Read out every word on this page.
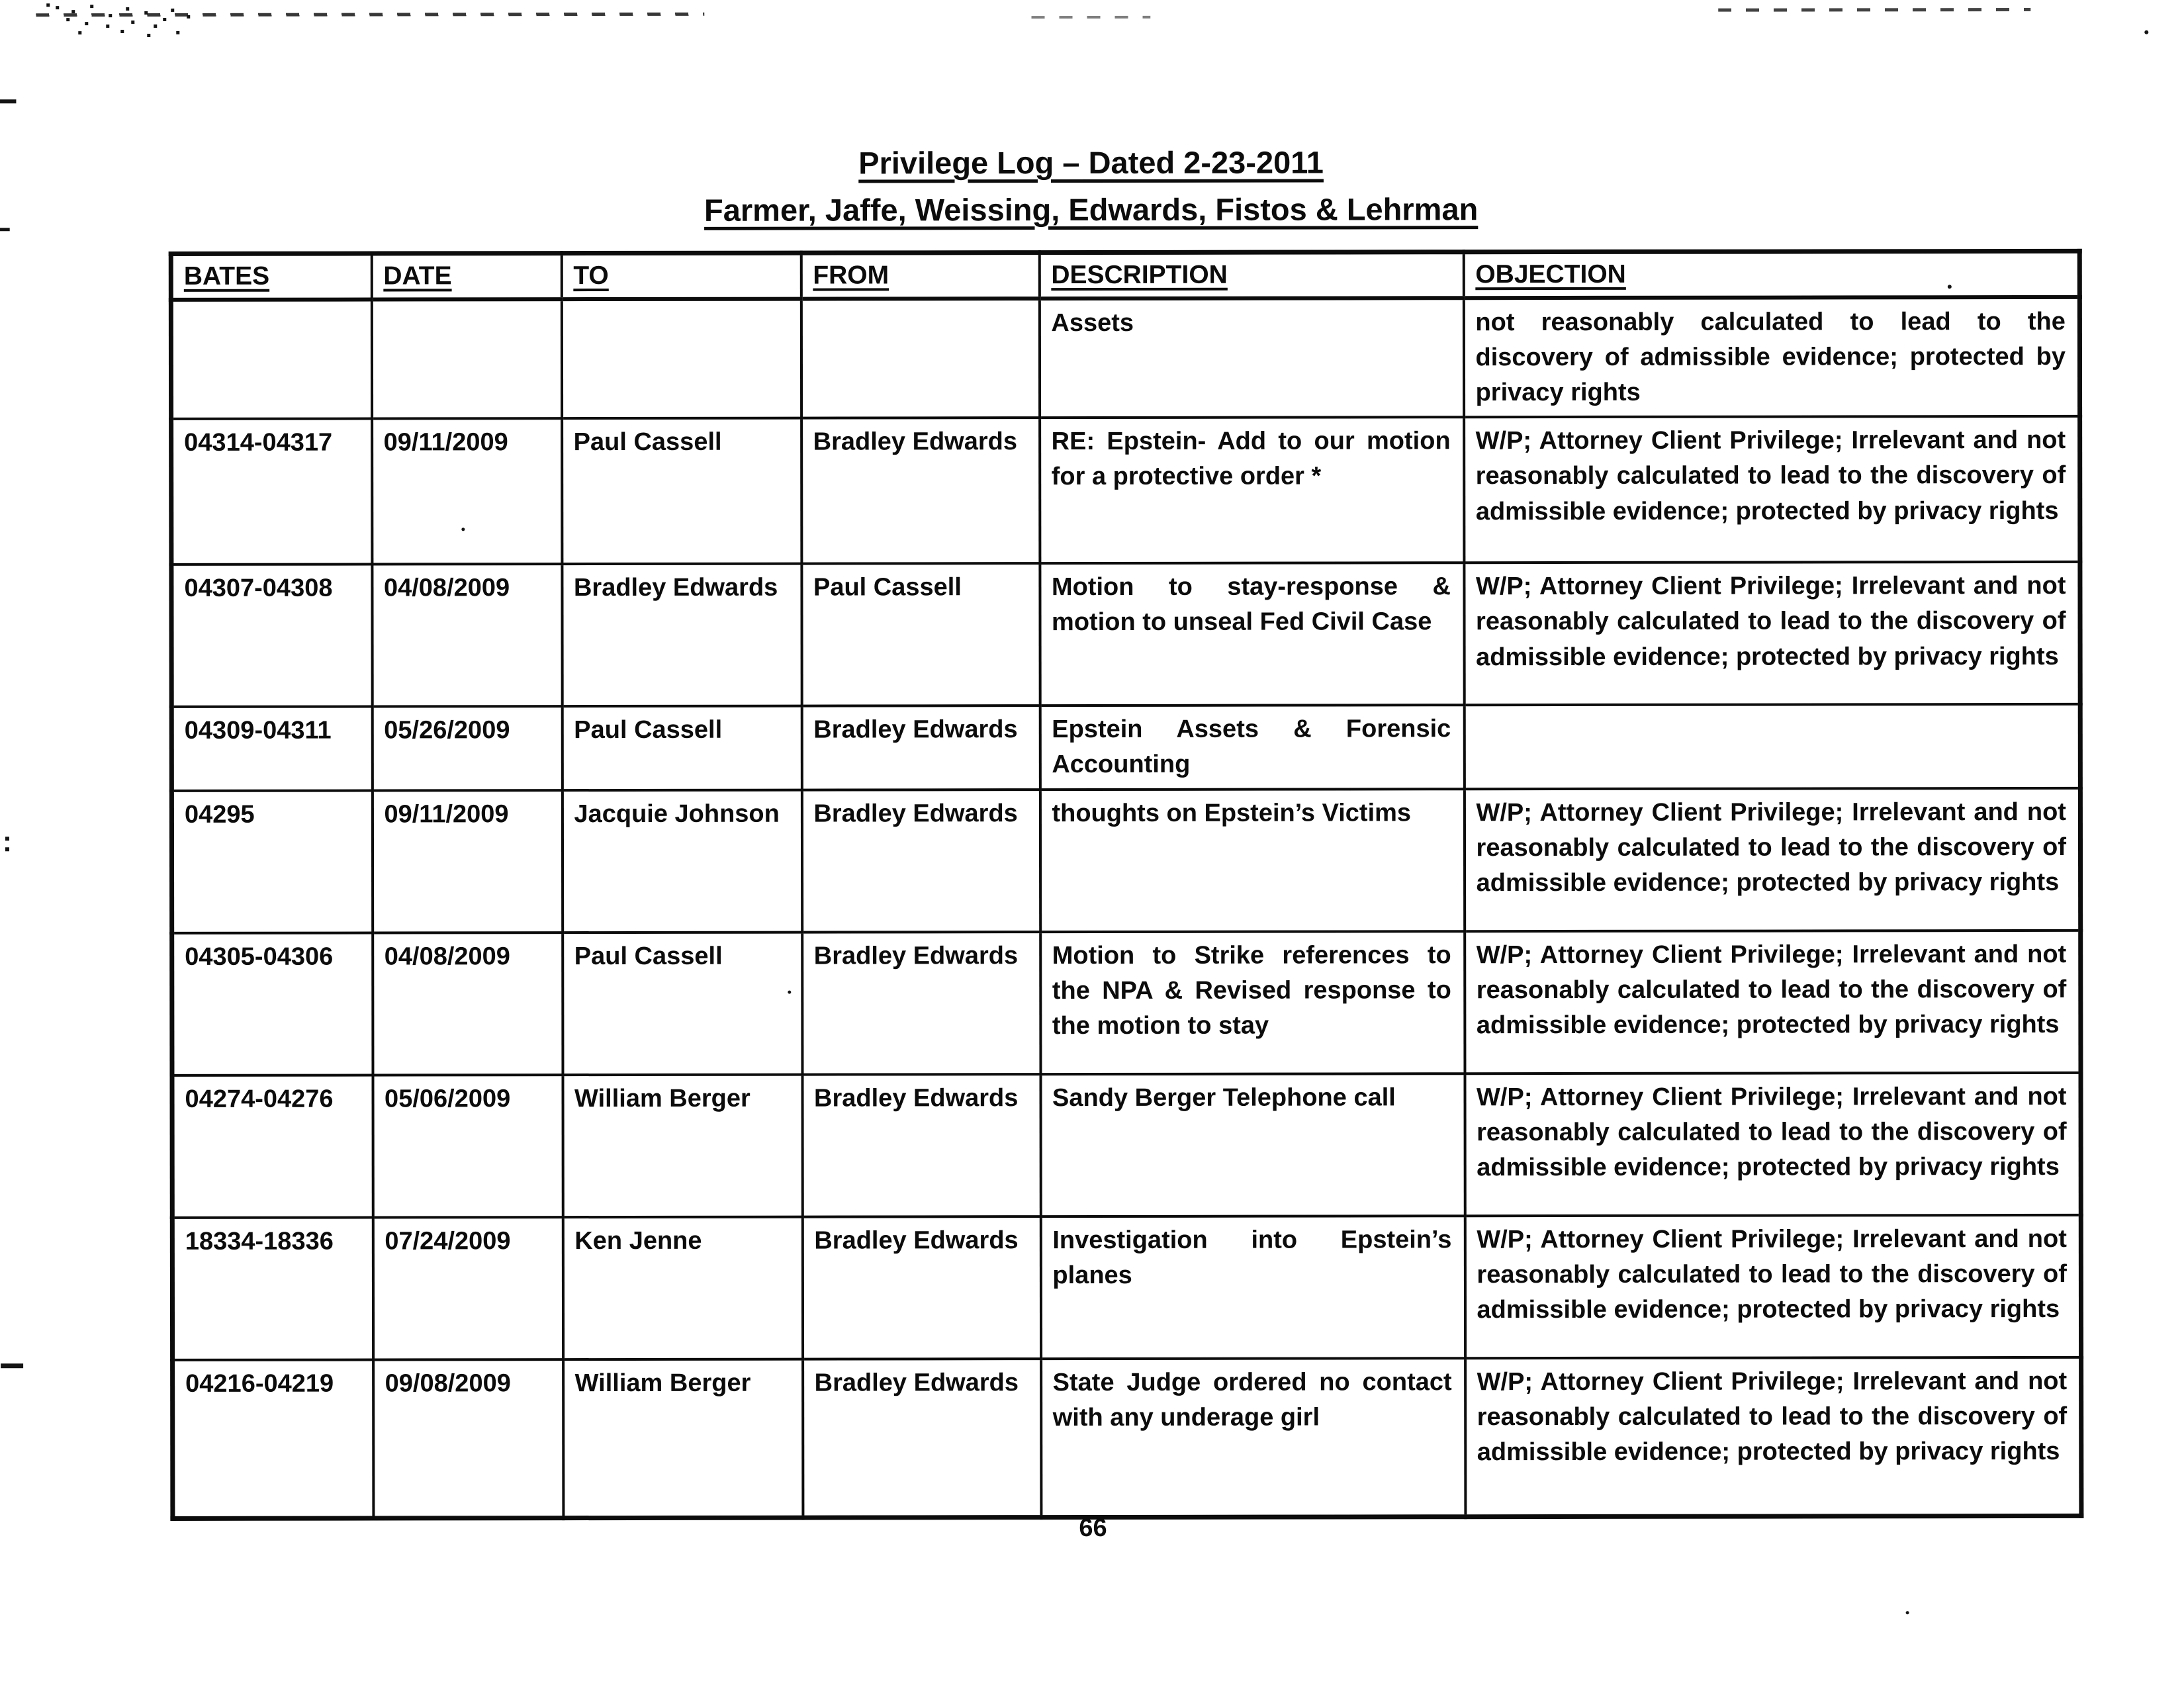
Privilege Log – Dated 2-23-2011
Farmer, Jaffe, Weissing, Edwards, Fistos & Lehrman
BATES	DATE	TO	FROM	DESCRIPTION	OBJECTION
				Assets	not reasonably calculated to lead to the discovery of admissible evidence; protected by privacy rights
04314-04317	09/11/2009	Paul Cassell	Bradley Edwards	RE: Epstein- Add to our motion for a protective order *	W/P; Attorney Client Privilege; Irrelevant and not reasonably calculated to lead to the discovery of admissible evidence; protected by privacy rights
04307-04308	04/08/2009	Bradley Edwards	Paul Cassell	Motion to stay-response & motion to unseal Fed Civil Case	W/P; Attorney Client Privilege; Irrelevant and not reasonably calculated to lead to the discovery of admissible evidence; protected by privacy rights
04309-04311	05/26/2009	Paul Cassell	Bradley Edwards	Epstein Assets & Forensic Accounting	
04295	09/11/2009	Jacquie Johnson	Bradley Edwards	thoughts on Epstein’s Victims	W/P; Attorney Client Privilege; Irrelevant and not reasonably calculated to lead to the discovery of admissible evidence; protected by privacy rights
04305-04306	04/08/2009	Paul Cassell	Bradley Edwards	Motion to Strike references to the NPA & Revised response to the motion to stay	W/P; Attorney Client Privilege; Irrelevant and not reasonably calculated to lead to the discovery of admissible evidence; protected by privacy rights
04274-04276	05/06/2009	William Berger	Bradley Edwards	Sandy Berger Telephone call	W/P; Attorney Client Privilege; Irrelevant and not reasonably calculated to lead to the discovery of admissible evidence; protected by privacy rights
18334-18336	07/24/2009	Ken Jenne	Bradley Edwards	Investigation into Epstein’s planes	W/P; Attorney Client Privilege; Irrelevant and not reasonably calculated to lead to the discovery of admissible evidence; protected by privacy rights
04216-04219	09/08/2009	William Berger	Bradley Edwards	State Judge ordered no contact with any underage girl	W/P; Attorney Client Privilege; Irrelevant and not reasonably calculated to lead to the discovery of admissible evidence; protected by privacy rights
66
